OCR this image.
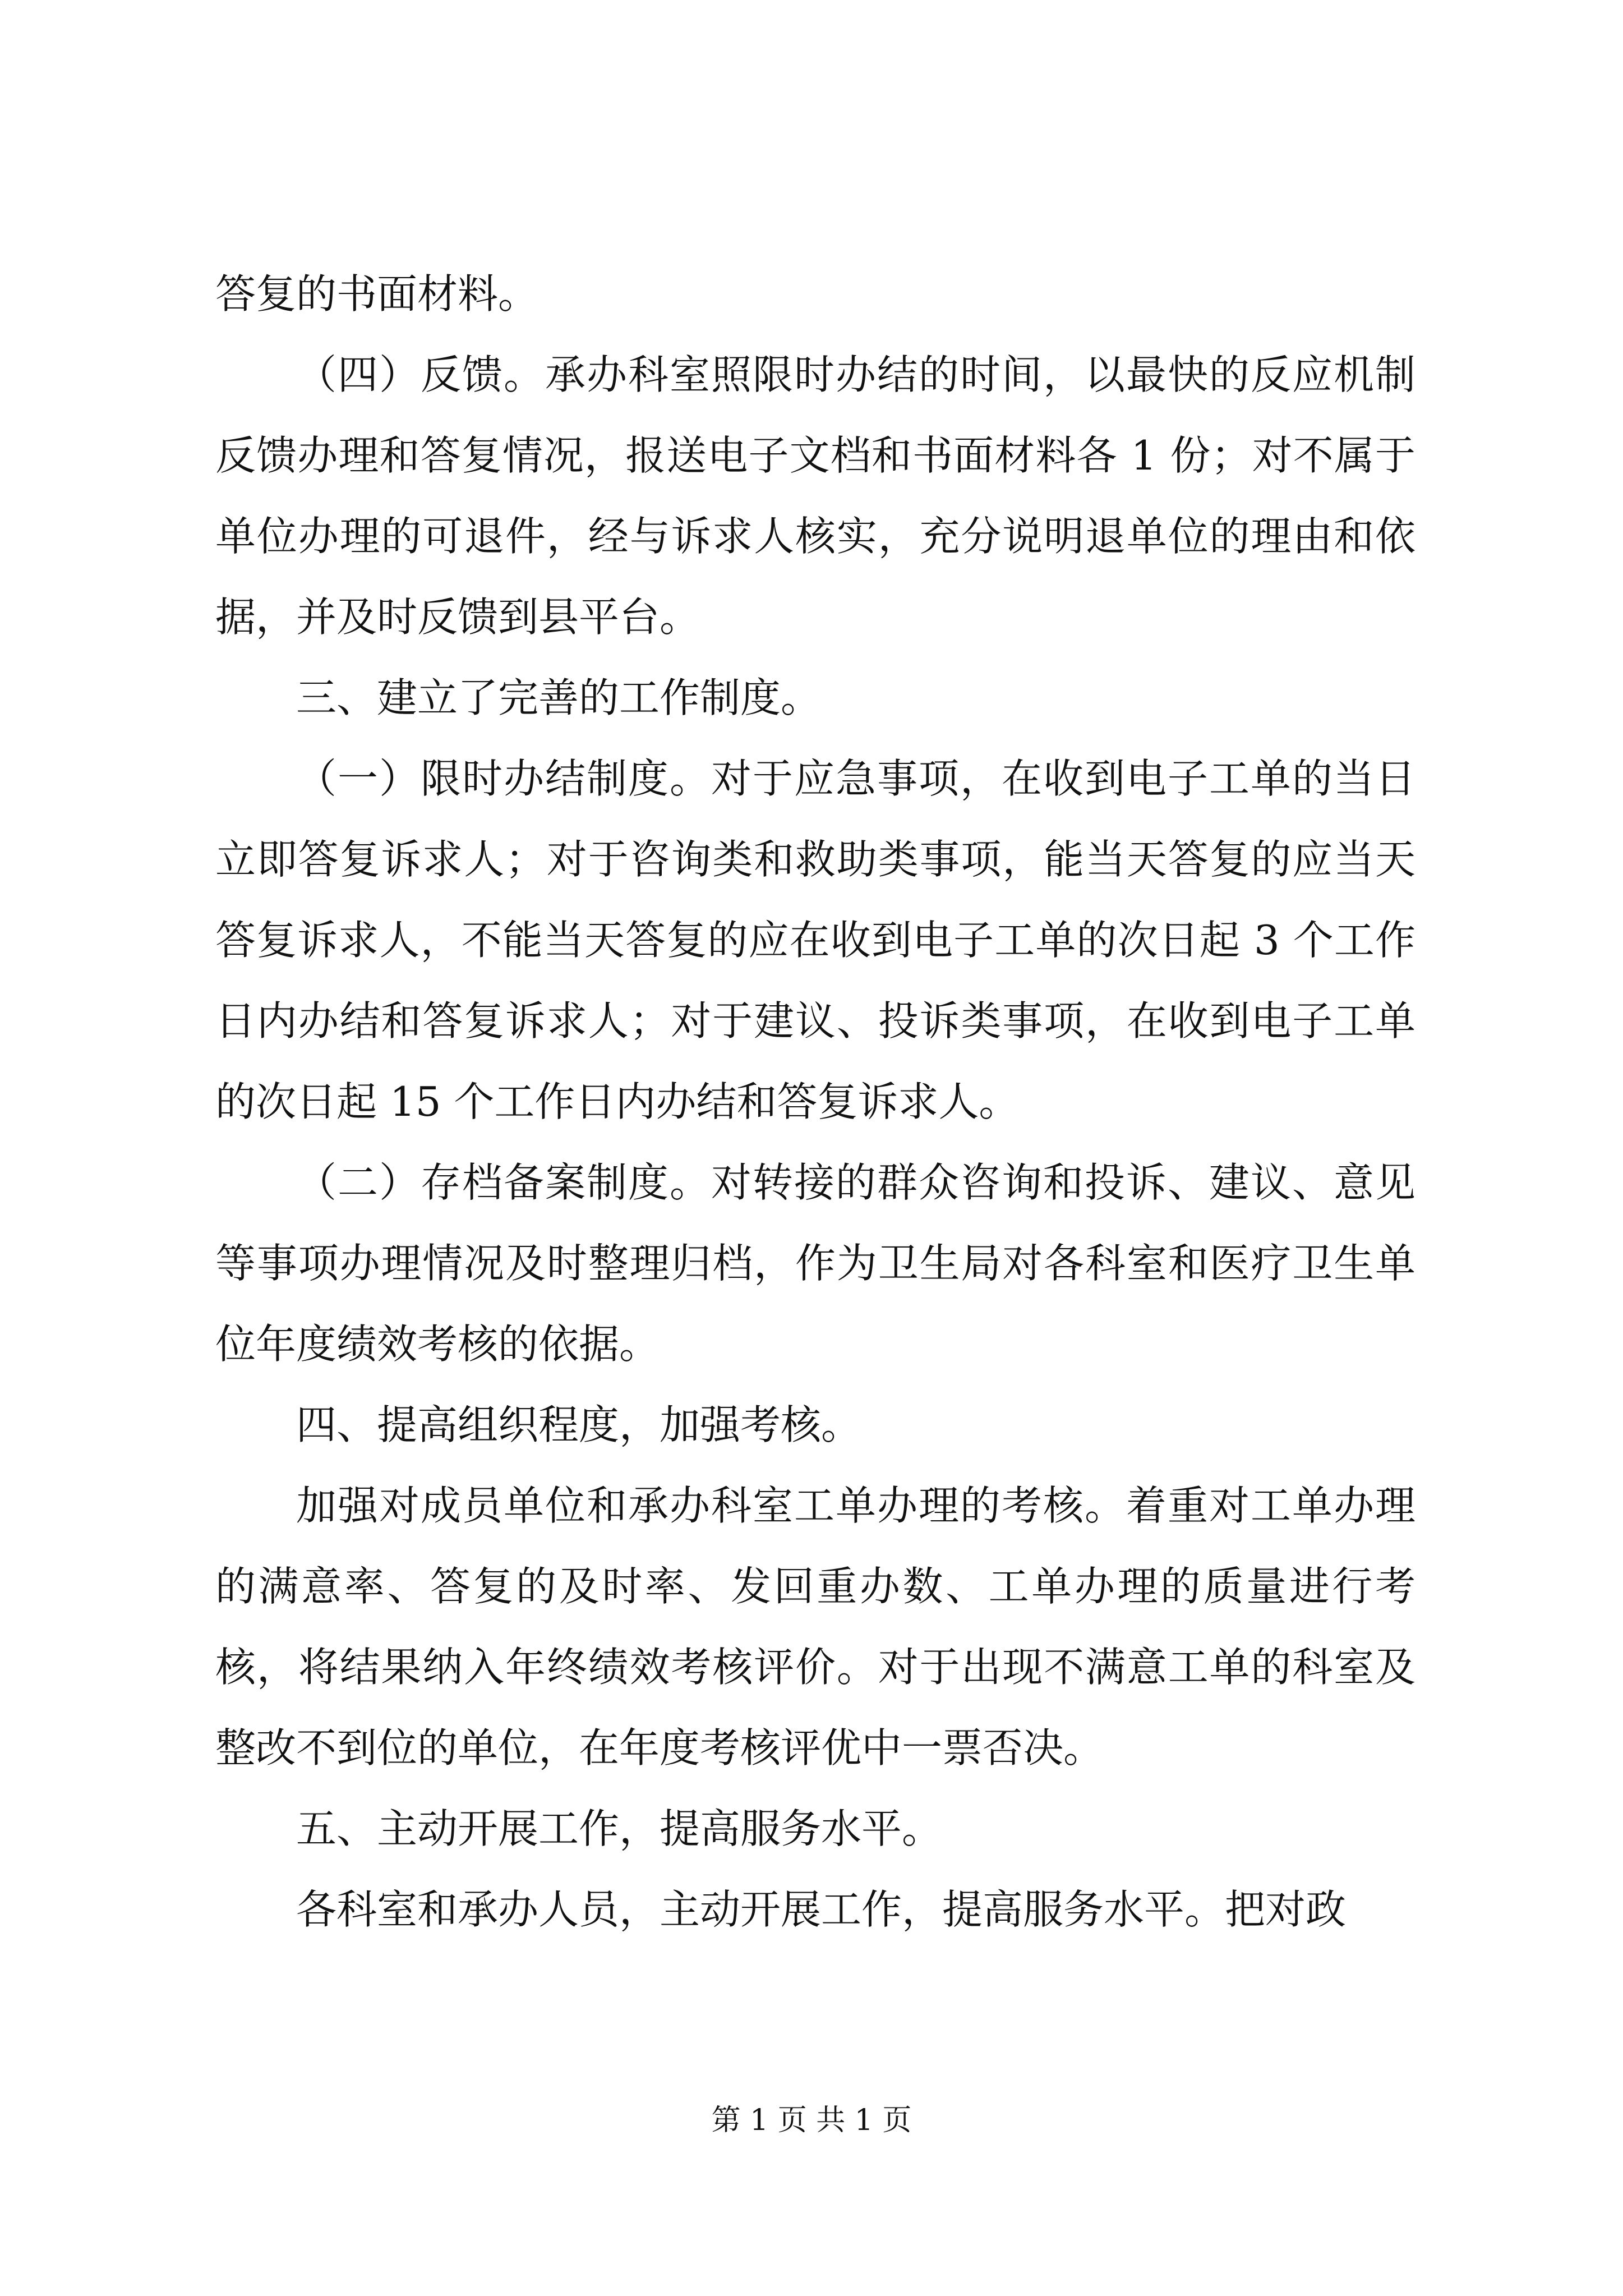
答复的书面材料。

（四）反馈。承办科室照限时办结的时间，以最快的反应机制反馈办理和答复情况，报送电子文档和书面材料各 1 份；对不属于单位办理的可退件，经与诉求人核实，充分说明退单位的理由和依据，并及时反馈到县平台。

三、建立了完善的工作制度。

（一）限时办结制度。对于应急事项，在收到电子工单的当日立即答复诉求人；对于咨询类和救助类事项，能当天答复的应当天答复诉求人，不能当天答复的应在收到电子工单的次日起 3 个工作日内办结和答复诉求人；对于建议、投诉类事项，在收到电子工单的次日起 15 个工作日内办结和答复诉求人。

（二）存档备案制度。对转接的群众咨询和投诉、建议、意见等事项办理情况及时整理归档，作为卫生局对各科室和医疗卫生单位年度绩效考核的依据。

四、提高组织程度，加强考核。

加强对成员单位和承办科室工单办理的考核。着重对工单办理的满意率、答复的及时率、发回重办数、工单办理的质量进行考核，将结果纳入年终绩效考核评价。对于出现不满意工单的科室及整改不到位的单位，在年度考核评优中一票否决。

五、主动开展工作，提高服务水平。

各科室和承办人员，主动开展工作，提高服务水平。把对政

第 1 页 共 1 页
